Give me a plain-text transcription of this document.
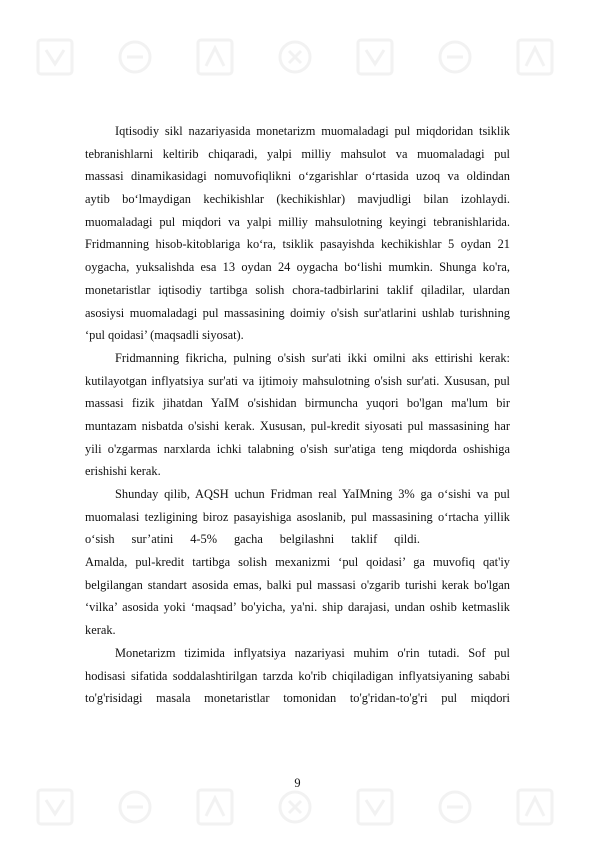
Iqtisodiy sikl nazariyasida monetarizm muomaladagi pul miqdoridan tsiklik
tebranishlarni keltirib chiqaradi, yalpi milliy mahsulot va muomaladagi pul
massasi dinamikasidagi nomuvofiqlikni o‘zgarishlar o‘rtasida uzoq va oldindan
aytib bo‘lmaydigan kechikishlar (kechikishlar) mavjudligi bilan izohlaydi.
muomaladagi pul miqdori va yalpi milliy mahsulotning keyingi tebranishlarida.
Fridmanning hisob-kitoblariga ko‘ra, tsiklik pasayishda kechikishlar 5 oydan 21
oygacha, yuksalishda esa 13 oydan 24 oygacha bo‘lishi mumkin. Shunga ko'ra,
monetaristlar iqtisodiy tartibga solish chora-tadbirlarini taklif qiladilar, ulardan
asosiysi muomaladagi pul massasining doimiy o'sish sur'atlarini ushlab turishning
‘pul qoidasi’ (maqsadli siyosat).
Fridmanning fikricha, pulning o'sish sur'ati ikki omilni aks ettirishi kerak:
kutilayotgan inflyatsiya sur'ati va ijtimoiy mahsulotning o'sish sur'ati. Xususan, pul
massasi fizik jihatdan YaIM o'sishidan birmuncha yuqori bo'lgan ma'lum bir
muntazam nisbatda o'sishi kerak. Xususan, pul-kredit siyosati pul massasining har
yili o'zgarmas narxlarda ichki talabning o'sish sur'atiga teng miqdorda oshishiga
erishishi kerak.
Shunday qilib, AQSH uchun Fridman real YaIMning 3% ga o‘sishi va pul
muomalasi tezligining biroz pasayishiga asoslanib, pul massasining o‘rtacha yillik
o‘sish sur’atini 4-5% gacha belgilashni taklif qildi.
Amalda, pul-kredit tartibga solish mexanizmi ‘pul qoidasi’ ga muvofiq qat'iy
belgilangan standart asosida emas, balki pul massasi o'zgarib turishi kerak bo'lgan
‘vilka’ asosida yoki ‘maqsad’ bo'yicha, ya'ni. ship darajasi, undan oshib ketmaslik
kerak.
Monetarizm tizimida inflyatsiya nazariyasi muhim o'rin tutadi. Sof pul
hodisasi sifatida soddalashtirilgan tarzda ko'rib chiqiladigan inflyatsiyaning sababi
to'g'risidagi masala monetaristlar tomonidan to'g'ridan-to'g'ri pul miqdori
9
